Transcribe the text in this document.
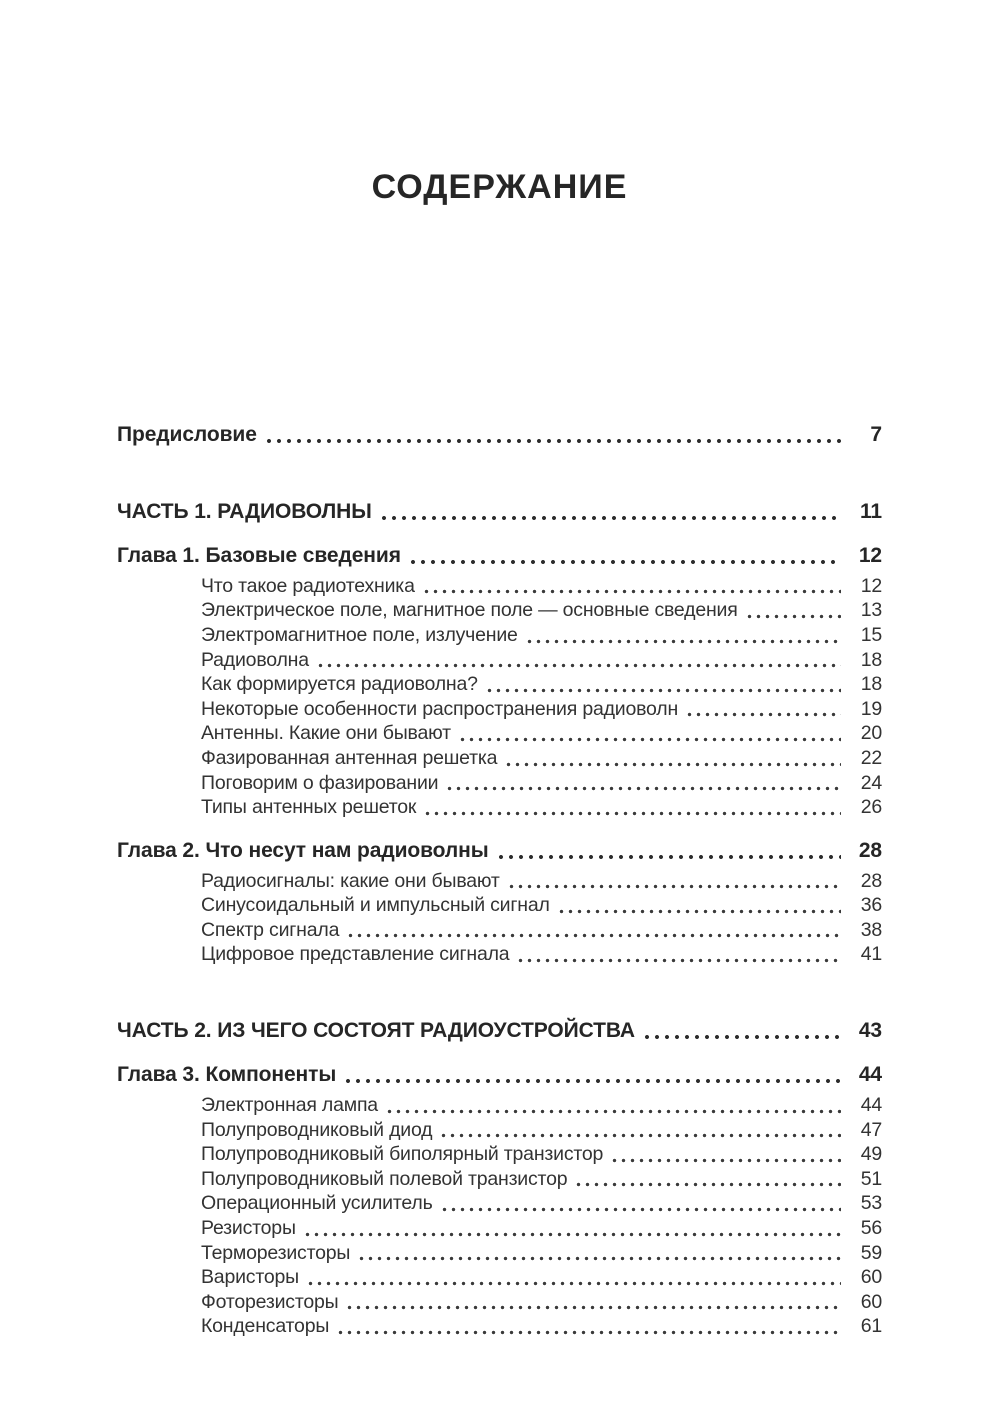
СОДЕРЖАНИЕ
Предисловие	7
ЧАСТЬ 1. РАДИОВОЛНЫ	11
Глава 1. Базовые сведения	12
Что такое радиотехника	12
Электрическое поле, магнитное поле — основные сведения	13
Электромагнитное поле, излучение	15
Радиоволна	18
Как формируется радиоволна?	18
Некоторые особенности распространения радиоволн	19
Антенны. Какие они бывают	20
Фазированная антенная решетка	22
Поговорим о фазировании	24
Типы антенных решеток	26
Глава 2. Что несут нам радиоволны	28
Радиосигналы: какие они бывают	28
Синусоидальный и импульсный сигнал	36
Спектр сигнала	38
Цифровое представление сигнала	41
ЧАСТЬ 2. ИЗ ЧЕГО СОСТОЯТ РАДИОУСТРОЙСТВА	43
Глава 3. Компоненты	44
Электронная лампа	44
Полупроводниковый диод	47
Полупроводниковый биполярный транзистор	49
Полупроводниковый полевой транзистор	51
Операционный усилитель	53
Резисторы	56
Терморезисторы	59
Варисторы	60
Фоторезисторы	60
Конденсаторы	61
